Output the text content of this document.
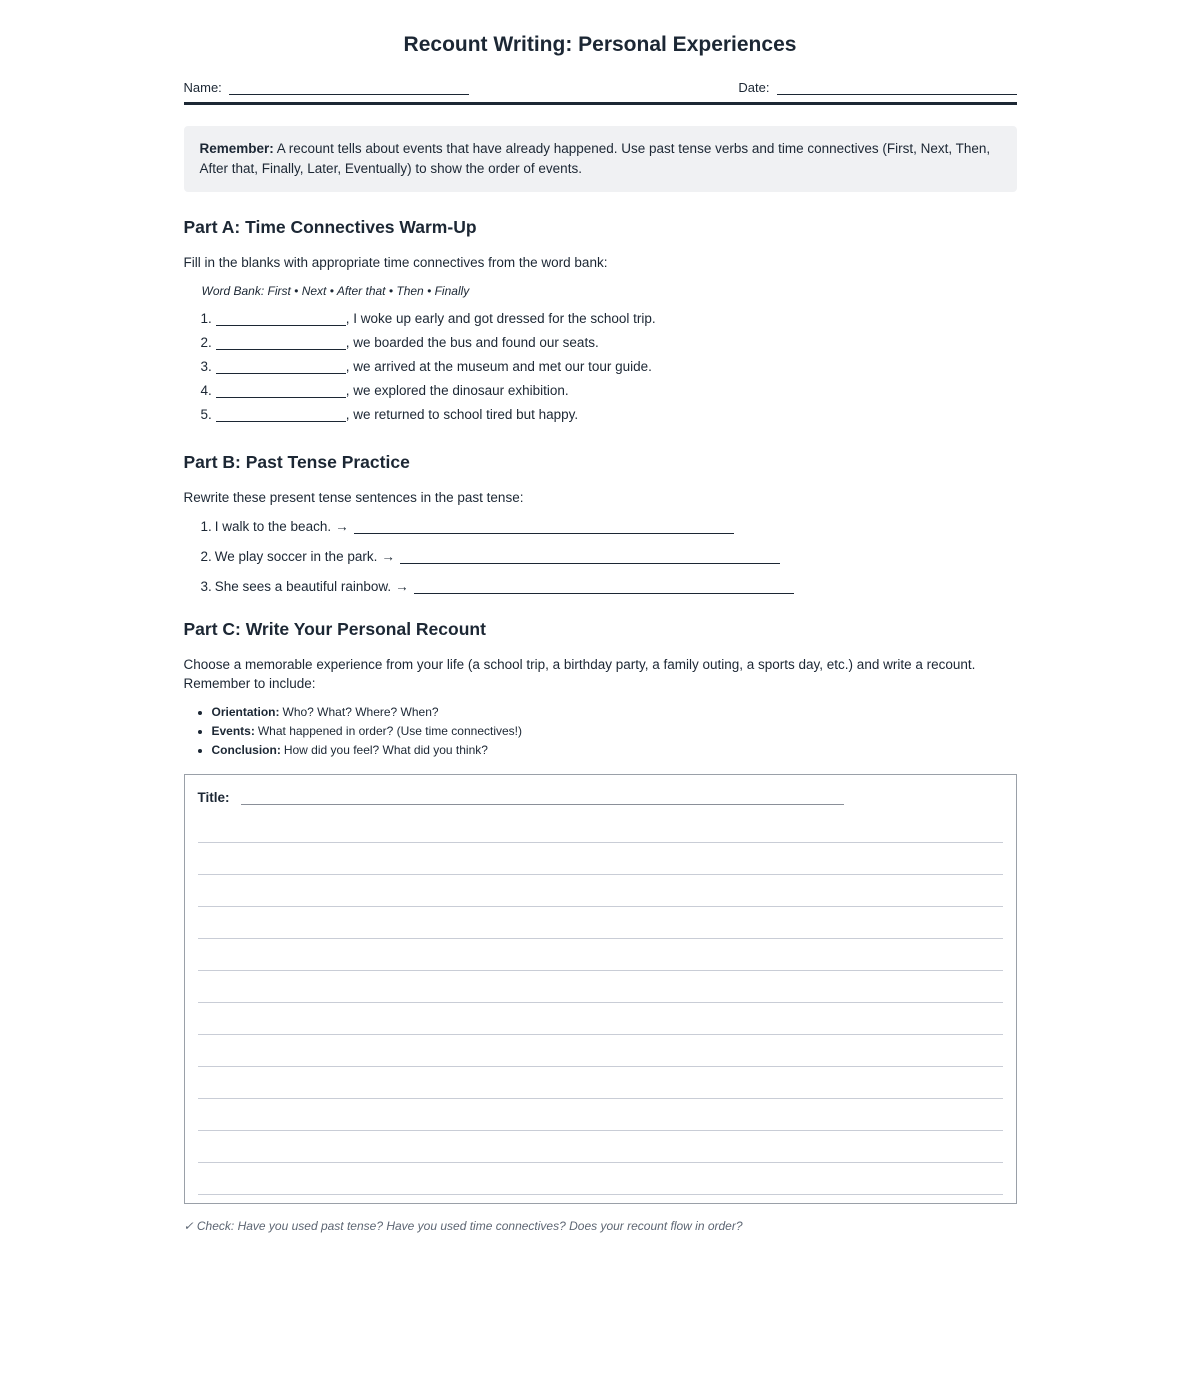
Recount Writing: Personal Experiences
Name:	Date:
Remember: A recount tells about events that have already happened. Use past tense verbs and time connectives (First, Next, Then, After that, Finally, Later, Eventually) to show the order of events.
Part A: Time Connectives Warm-Up
Fill in the blanks with appropriate time connectives from the word bank:
Word Bank: First • Next • After that • Then • Finally
1.	, I woke up early and got dressed for the school trip.
2.	, we boarded the bus and found our seats.
3.	, we arrived at the museum and met our tour guide.
4.	, we explored the dinosaur exhibition.
5.	, we returned to school tired but happy.
Part B: Past Tense Practice
Rewrite these present tense sentences in the past tense:
1. I walk to the beach. →
2. We play soccer in the park. →
3. She sees a beautiful rainbow. →
Part C: Write Your Personal Recount
Choose a memorable experience from your life (a school trip, a birthday party, a family outing, a sports day, etc.) and write a recount. Remember to include:
• Orientation: Who? What? Where? When?
• Events: What happened in order? (Use time connectives!)
• Conclusion: How did you feel? What did you think?
Title:
✓ Check: Have you used past tense? Have you used time connectives? Does your recount flow in order?
